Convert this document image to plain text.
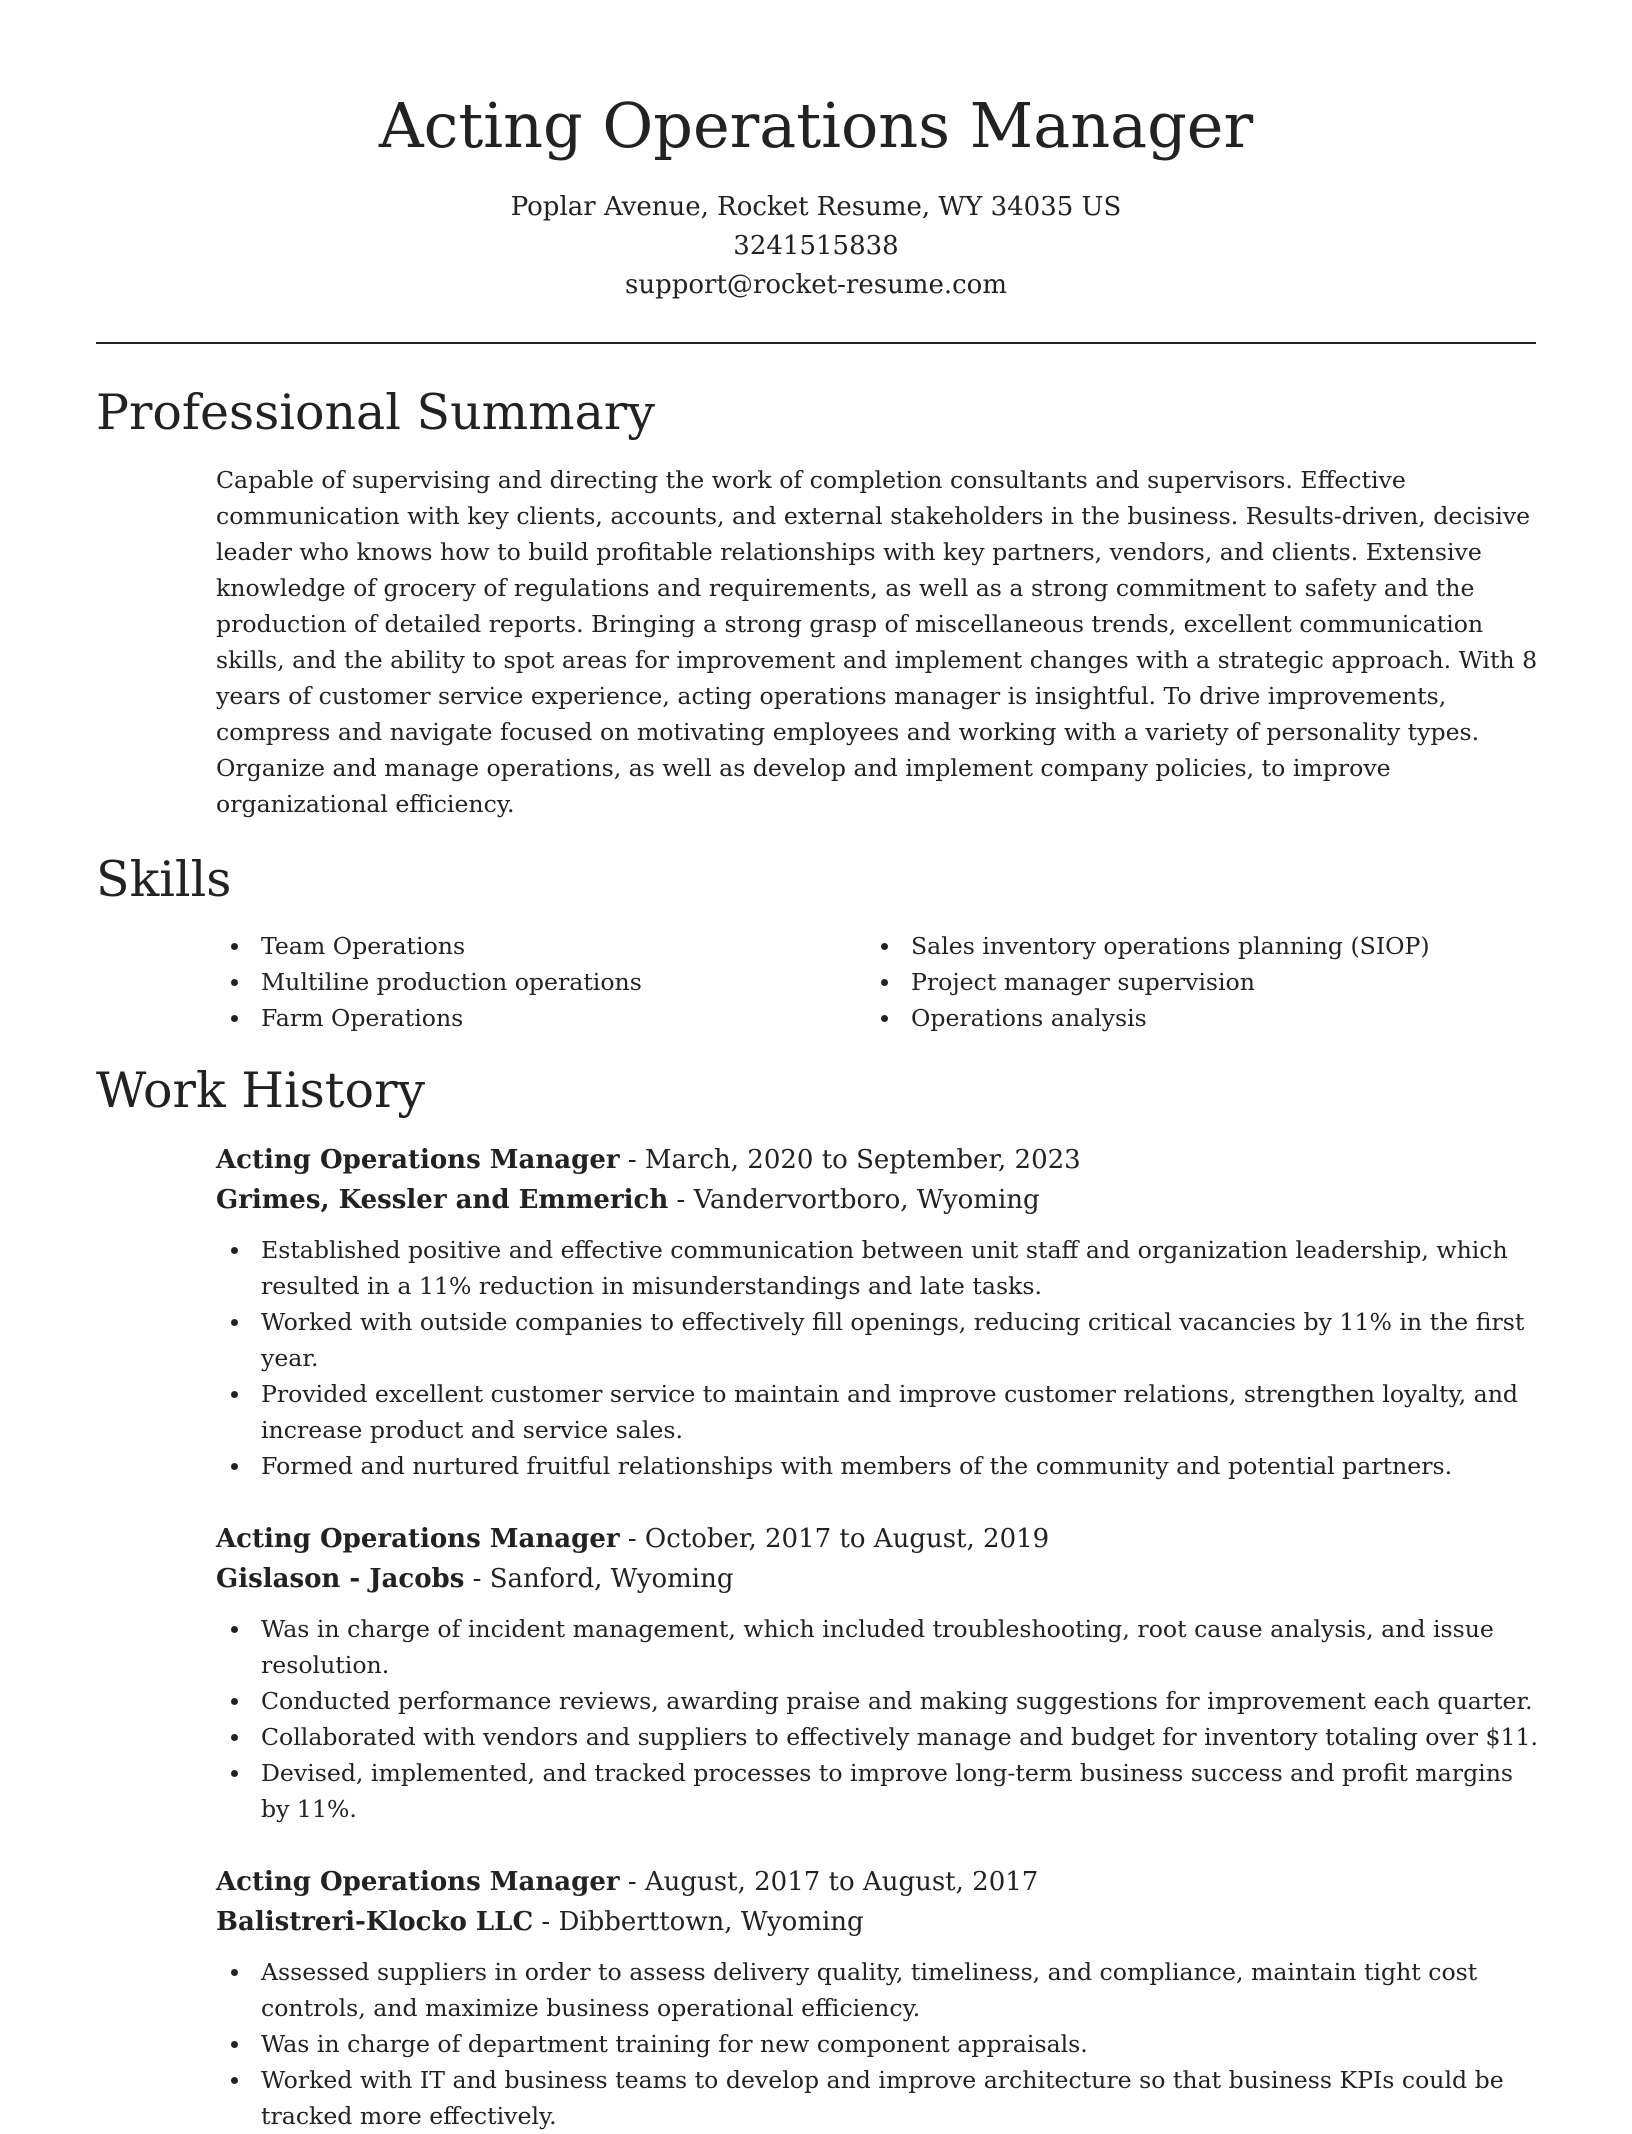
Acting Operations Manager
Poplar Avenue, Rocket Resume, WY 34035 US
3241515838
support@rocket-resume.com
Professional Summary
Capable of supervising and directing the work of completion consultants and supervisors. Effective communication with key clients, accounts, and external stakeholders in the business. Results-driven, decisive leader who knows how to build profitable relationships with key partners, vendors, and clients. Extensive knowledge of grocery of regulations and requirements, as well as a strong commitment to safety and the production of detailed reports. Bringing a strong grasp of miscellaneous trends, excellent communication skills, and the ability to spot areas for improvement and implement changes with a strategic approach. With 8 years of customer service experience, acting operations manager is insightful. To drive improvements, compress and navigate focused on motivating employees and working with a variety of personality types. Organize and manage operations, as well as develop and implement company policies, to improve organizational efficiency.
Skills
Team Operations
Multiline production operations
Farm Operations
Sales inventory operations planning (SIOP)
Project manager supervision
Operations analysis
Work History
Acting Operations Manager - March, 2020 to September, 2023
Grimes, Kessler and Emmerich - Vandervortboro, Wyoming
Established positive and effective communication between unit staff and organization leadership, which resulted in a 11% reduction in misunderstandings and late tasks.
Worked with outside companies to effectively fill openings, reducing critical vacancies by 11% in the first year.
Provided excellent customer service to maintain and improve customer relations, strengthen loyalty, and increase product and service sales.
Formed and nurtured fruitful relationships with members of the community and potential partners.
Acting Operations Manager - October, 2017 to August, 2019
Gislason - Jacobs - Sanford, Wyoming
Was in charge of incident management, which included troubleshooting, root cause analysis, and issue resolution.
Conducted performance reviews, awarding praise and making suggestions for improvement each quarter.
Collaborated with vendors and suppliers to effectively manage and budget for inventory totaling over $11.
Devised, implemented, and tracked processes to improve long-term business success and profit margins by 11%.
Acting Operations Manager - August, 2017 to August, 2017
Balistreri-Klocko LLC - Dibberttown, Wyoming
Assessed suppliers in order to assess delivery quality, timeliness, and compliance, maintain tight cost controls, and maximize business operational efficiency.
Was in charge of department training for new component appraisals.
Worked with IT and business teams to develop and improve architecture so that business KPIs could be tracked more effectively.
